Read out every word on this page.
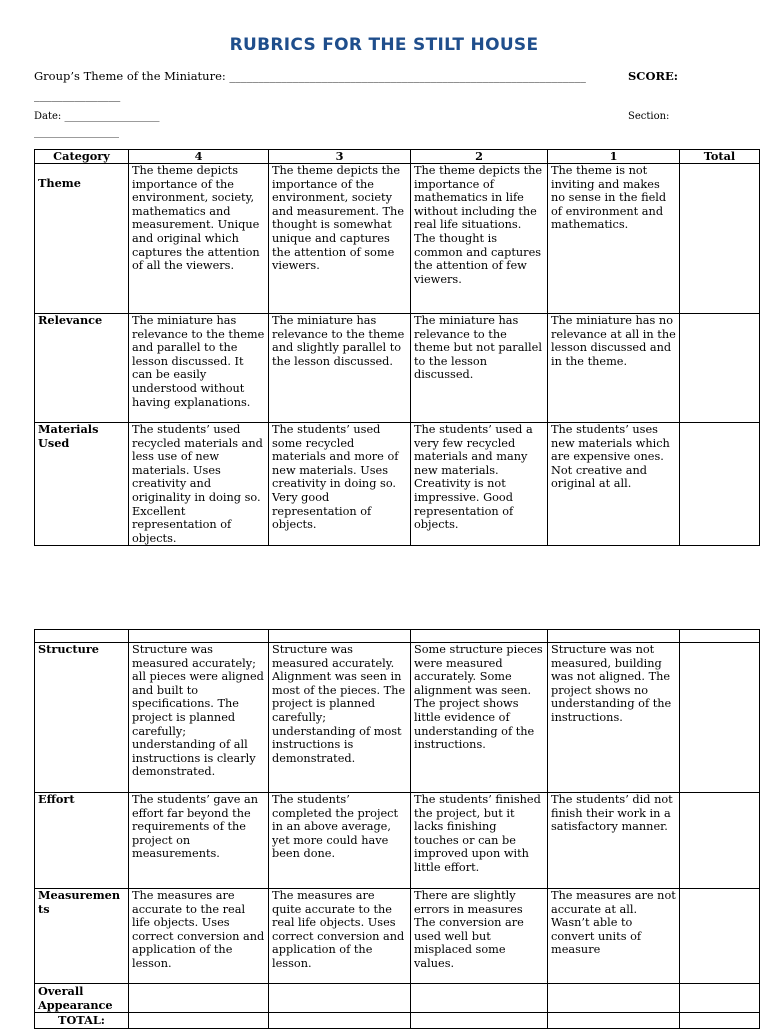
RUBRICS FOR THE STILT HOUSE
Group’s Theme of the Miniature: ______________________________________________________________	SCORE:
_______________
Date: ___________________	Section:
_________________
Category	4	3	2	1	Total
Theme	The theme depicts importance of the environment, society, mathematics and measurement. Unique and original which captures the attention of all the viewers.	The theme depicts the importance of the environment, society and measurement. The thought is somewhat unique and captures the attention of some viewers.	The theme depicts the importance of mathematics in life without including the real life situations. The thought is common and captures the attention of few viewers.	The theme is not inviting and makes no sense in the field of environment and mathematics.	
Relevance	The miniature has relevance to the theme and parallel to the lesson discussed. It can be easily understood without having explanations.	The miniature has relevance to the theme and slightly parallel to the lesson discussed.	The miniature has relevance to the theme but not parallel to the lesson discussed.	The miniature has no relevance at all in the lesson discussed and in the theme.	
Materials Used	The students’ used recycled materials and less use of new materials. Uses creativity and originality in doing so. Excellent representation of objects.	The students’ used some recycled materials and more of new materials. Uses creativity in doing so. Very good representation of objects.	The students’ used a very few recycled materials and many new materials. Creativity is not impressive. Good representation of objects.	The students’ uses new materials which are expensive ones. Not creative and original at all.	

Structure	Structure was measured accurately; all pieces were aligned and built to specifications. The project is planned carefully; understanding of all instructions is clearly demonstrated.	Structure was measured accurately. Alignment was seen in most of the pieces. The project is planned carefully; understanding of most instructions is demonstrated.	Some structure pieces were measured accurately. Some alignment was seen. The project shows little evidence of understanding of the instructions.	Structure was not measured, building was not aligned. The project shows no understanding of the instructions.	
Effort	The students’ gave an effort far beyond the requirements of the project on measurements.	The students’ completed the project in an above average, yet more could have been done.	The students’ finished the project, but it lacks finishing touches or can be improved upon with little effort.	The students’ did not finish their work in a satisfactory manner.	
Measurements	The measures are accurate to the real life objects. Uses correct conversion and application of the lesson.	The measures are quite accurate to the real life objects. Uses correct conversion and application of the lesson.	There are slightly errors in measures The conversion are used well but misplaced some values.	The measures are not accurate at all. Wasn’t able to convert units of measure	
Overall Appearance					
TOTAL:					
